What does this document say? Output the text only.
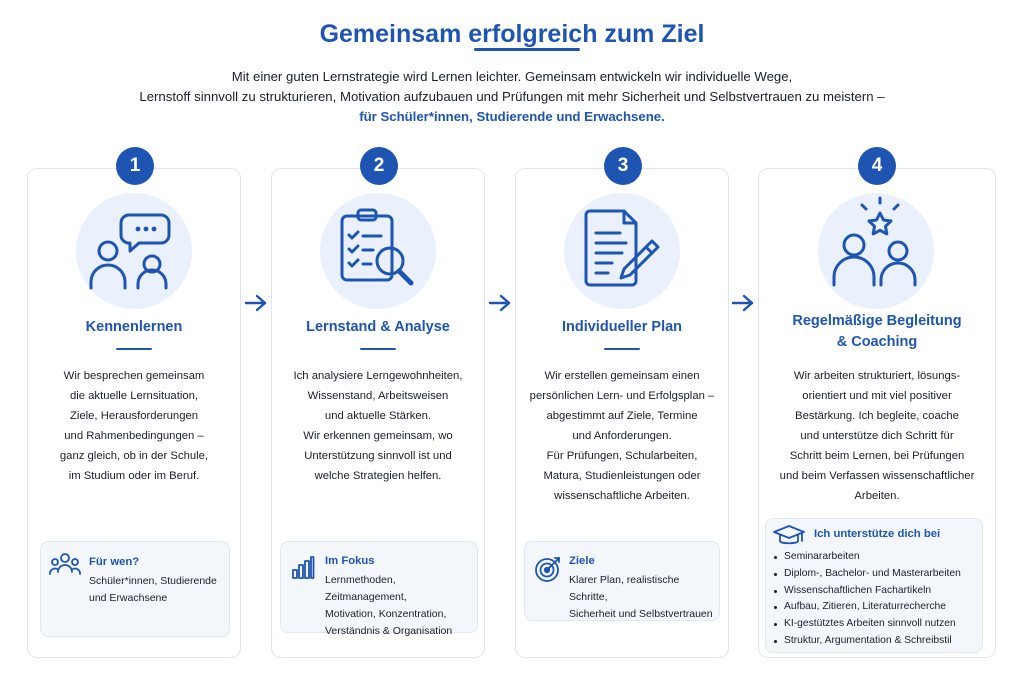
Gemeinsam erfolgreich zum Ziel
Mit einer guten Lernstrategie wird Lernen leichter. Gemeinsam entwickeln wir individuelle Wege,
Lernstoff sinnvoll zu strukturieren, Motivation aufzubauen und Prüfungen mit mehr Sicherheit und Selbstvertrauen zu meistern –
für Schüler*innen, Studierende und Erwachsene.
1
Kennenlernen
Wir besprechen gemeinsam
die aktuelle Lernsituation,
Ziele, Herausforderungen
und Rahmenbedingungen –
ganz gleich, ob in der Schule,
im Studium oder im Beruf.
Für wen?
Schüler*innen, Studierende
und Erwachsene
2
Lernstand & Analyse
Ich analysiere Lerngewohnheiten,
Wissenstand, Arbeitsweisen
und aktuelle Stärken.
Wir erkennen gemeinsam, wo
Unterstützung sinnvoll ist und
welche Strategien helfen.
Im Fokus
Lernmethoden, Zeitmanagement,
Motivation, Konzentration,
Verständnis & Organisation
3
Individueller Plan
Wir erstellen gemeinsam einen
persönlichen Lern- und Erfolgsplan –
abgestimmt auf Ziele, Termine
und Anforderungen.
Für Prüfungen, Schularbeiten,
Matura, Studienleistungen oder
wissenschaftliche Arbeiten.
Ziele
Klarer Plan, realistische Schritte,
Sicherheit und Selbstvertrauen
4
Regelmäßige Begleitung
& Coaching
Wir arbeiten strukturiert, lösungs-
orientiert und mit viel positiver
Bestärkung. Ich begleite, coache
und unterstütze dich Schritt für
Schritt beim Lernen, bei Prüfungen
und beim Verfassen wissenschaftlicher
Arbeiten.
Ich unterstütze dich bei
Seminararbeiten
Diplom-, Bachelor- und Masterarbeiten
Wissenschaftlichen Fachartikeln
Aufbau, Zitieren, Literaturrecherche
KI-gestütztes Arbeiten sinnvoll nutzen
Struktur, Argumentation & Schreibstil
